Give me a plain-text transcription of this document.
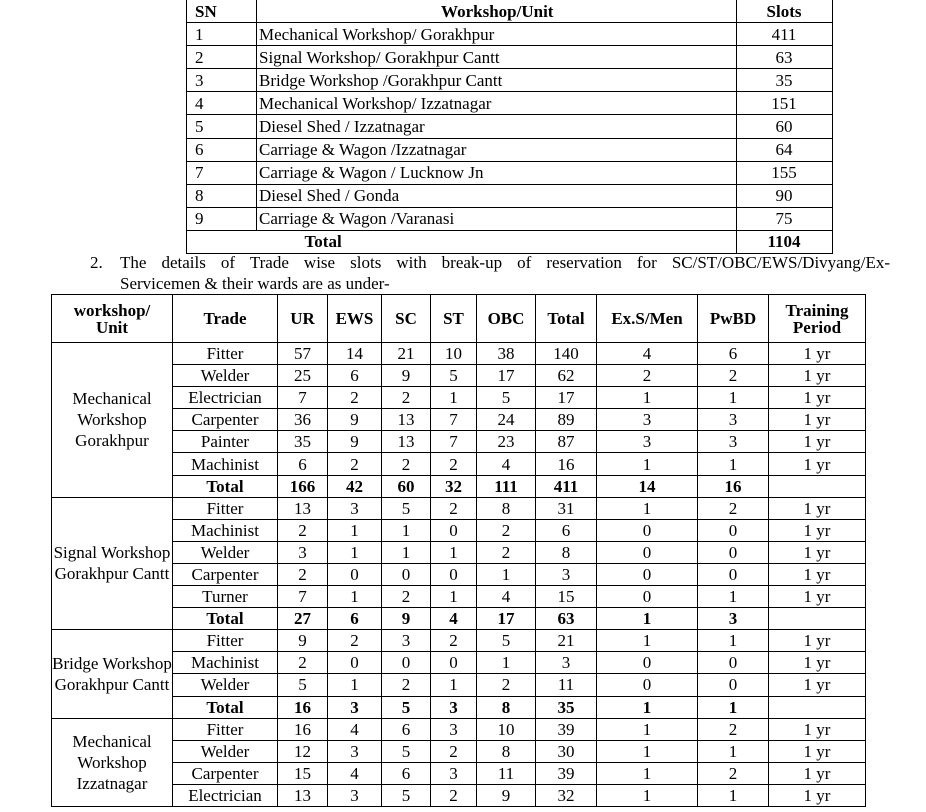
SN	Workshop/Unit	Slots
1	Mechanical Workshop/ Gorakhpur	411
2	Signal Workshop/ Gorakhpur Cantt	63
3	Bridge Workshop /Gorakhpur Cantt	35
4	Mechanical Workshop/ Izzatnagar	151
5	Diesel Shed / Izzatnagar	60
6	Carriage & Wagon /Izzatnagar	64
7	Carriage & Wagon / Lucknow Jn	155
8	Diesel Shed / Gonda	90
9	Carriage & Wagon /Varanasi	75
	Total	1104
2.	The details of Trade wise slots with break-up of reservation for SC/ST/OBC/EWS/Divyang/Ex-
Servicemen & their wards are as under-
workshop/
Unit	Trade	UR	EWS	SC	ST	OBC	Total	Ex.S/Men	PwBD	Training
Period
Mechanical Workshop Gorakhpur	Fitter	57	14	21	10	38	140	4	6	1 yr
	Welder	25	6	9	5	17	62	2	2	1 yr
	Electrician	7	2	2	1	5	17	1	1	1 yr
	Carpenter	36	9	13	7	24	89	3	3	1 yr
	Painter	35	9	13	7	23	87	3	3	1 yr
	Machinist	6	2	2	2	4	16	1	1	1 yr
	Total	166	42	60	32	111	411	14	16	
Signal Workshop Gorakhpur Cantt	Fitter	13	3	5	2	8	31	1	2	1 yr
	Machinist	2	1	1	0	2	6	0	0	1 yr
	Welder	3	1	1	1	2	8	0	0	1 yr
	Carpenter	2	0	0	0	1	3	0	0	1 yr
	Turner	7	1	2	1	4	15	0	1	1 yr
	Total	27	6	9	4	17	63	1	3	
Bridge Workshop Gorakhpur Cantt	Fitter	9	2	3	2	5	21	1	1	1 yr
	Machinist	2	0	0	0	1	3	0	0	1 yr
	Welder	5	1	2	1	2	11	0	0	1 yr
	Total	16	3	5	3	8	35	1	1	
Mechanical Workshop Izzatnagar	Fitter	16	4	6	3	10	39	1	2	1 yr
	Welder	12	3	5	2	8	30	1	1	1 yr
	Carpenter	15	4	6	3	11	39	1	2	1 yr
	Electrician	13	3	5	2	9	32	1	1	1 yr
